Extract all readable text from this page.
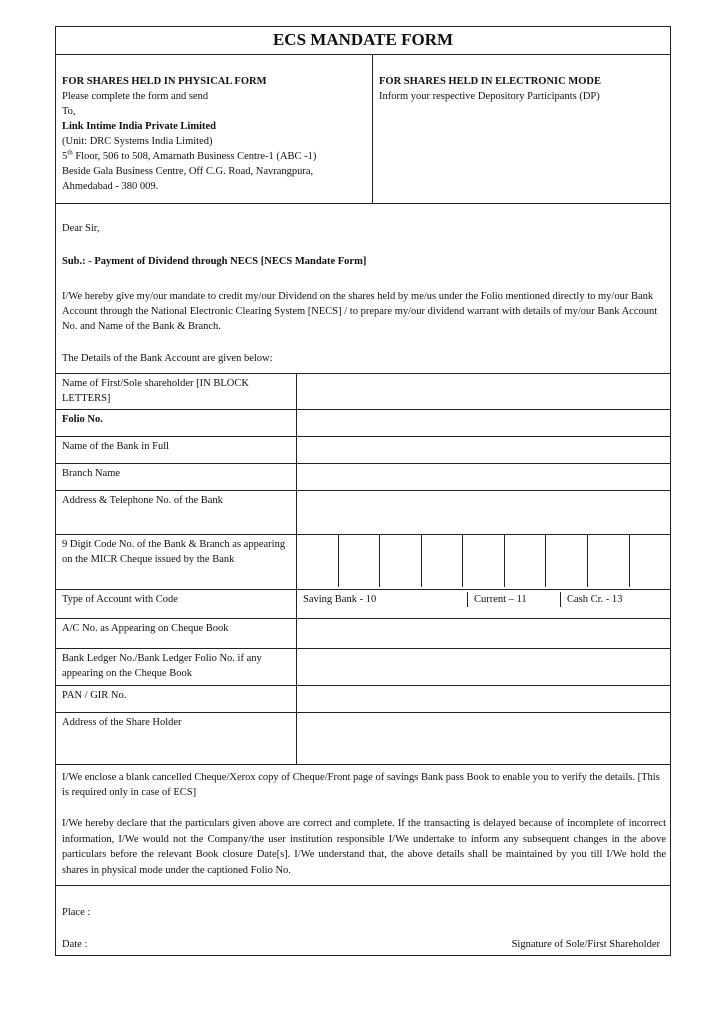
ECS MANDATE FORM
FOR SHARES HELD IN PHYSICAL FORM
Please complete the form and send
To,
Link Intime India Private Limited
(Unit: DRC Systems India Limited)
5th Floor, 506 to 508, Amarnath Business Centre-1 (ABC -1)
Beside Gala Business Centre, Off C.G. Road, Navrangpura,
Ahmedabad - 380 009.
FOR SHARES HELD IN ELECTRONIC MODE
Inform your respective Depository Participants (DP)
Dear Sir,
Sub.: - Payment of Dividend through NECS [NECS Mandate Form]
I/We hereby give my/our mandate to credit my/our Dividend on the shares held by me/us under the Folio mentioned directly to my/our Bank Account through the National Electronic Clearing System [NECS] / to prepare my/our dividend warrant with details of my/our Bank Account No. and Name of the Bank & Branch.
The Details of the Bank Account are given below:
Name of First/Sole shareholder [IN BLOCK LETTERS]	
Folio No.	
Name of the Bank in Full	
Branch Name	
Address & Telephone No. of the Bank	
9 Digit Code No. of the Bank & Branch as appearing on the MICR Cheque issued by the Bank	

Type of Account with Code	Saving Bank - 10 Current – 11 Cash Cr. - 13

A/C No. as Appearing on Cheque Book	
Bank Ledger No./Bank Ledger Folio No. if any appearing on the Cheque Book	
PAN / GIR No.	
Address of the Share Holder	
I/We enclose a blank cancelled Cheque/Xerox copy of Cheque/Front page of savings Bank pass Book to enable you to verify the details. [This is required only in case of ECS]
I/We hereby declare that the particulars given above are correct and complete. If the transacting is delayed because of incomplete of incorrect information, I/We would not the Company/the user institution responsible I/We undertake to inform any subsequent changes in the above particulars before the relevant Book closure Date[s]. I/We understand that, the above details shall be maintained by you till I/We hold the shares in physical mode under the captioned Folio No.
Place :
Date :	Signature of Sole/First Shareholder
